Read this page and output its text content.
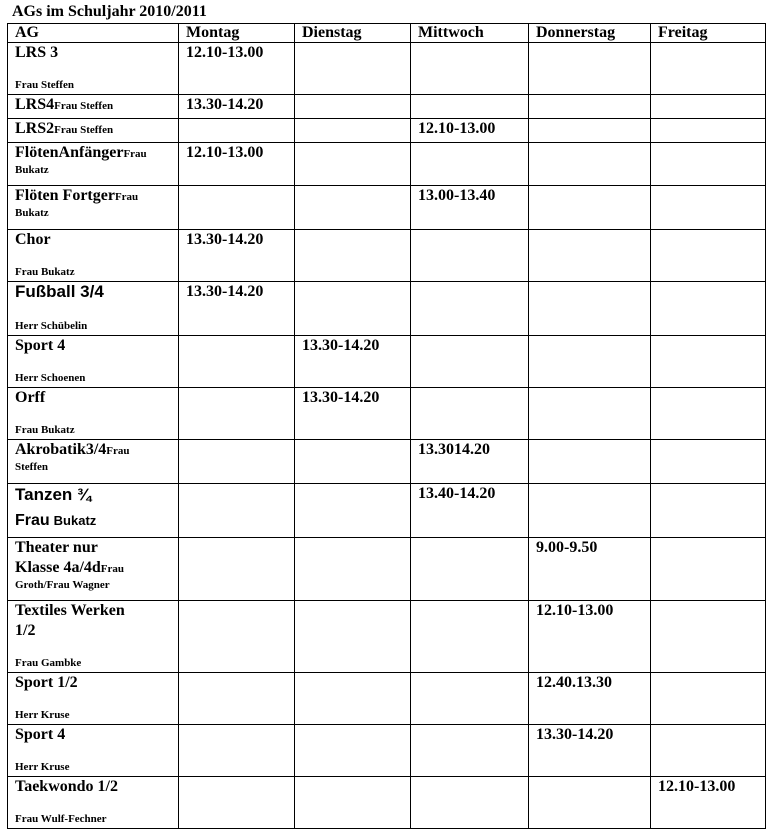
AGs im Schuljahr 2010/2011
AG	Montag	Dienstag	Mittwoch	Donnerstag	Freitag

LRS 3
Frau Steffen	12.10-13.00				

LRS4Frau Steffen	13.30-14.20				

LRS2Frau Steffen			12.10-13.00		

FlötenAnfängerFrau
Bukatz	12.10-13.00				

Flöten FortgerFrau
Bukatz			13.00-13.40		

Chor
Frau Bukatz	13.30-14.20				

Fußball 3/4
Herr Schübelin	13.30-14.20				

Sport 4
Herr Schoenen		13.30-14.20			

Orff
Frau Bukatz		13.30-14.20			

Akrobatik3/4Frau
Steffen			13.3014.20		

Tanzen ¾
Frau Bukatz			13.40-14.20		

Theater nur
Klasse 4a/4dFrau
Groth/Frau Wagner				9.00-9.50	

Textiles Werken
1/2
Frau Gambke				12.10-13.00	

Sport 1/2
Herr Kruse				12.40.13.30	

Sport 4
Herr Kruse				13.30-14.20	

Taekwondo 1/2
Frau Wulf-Fechner					12.10-13.00
